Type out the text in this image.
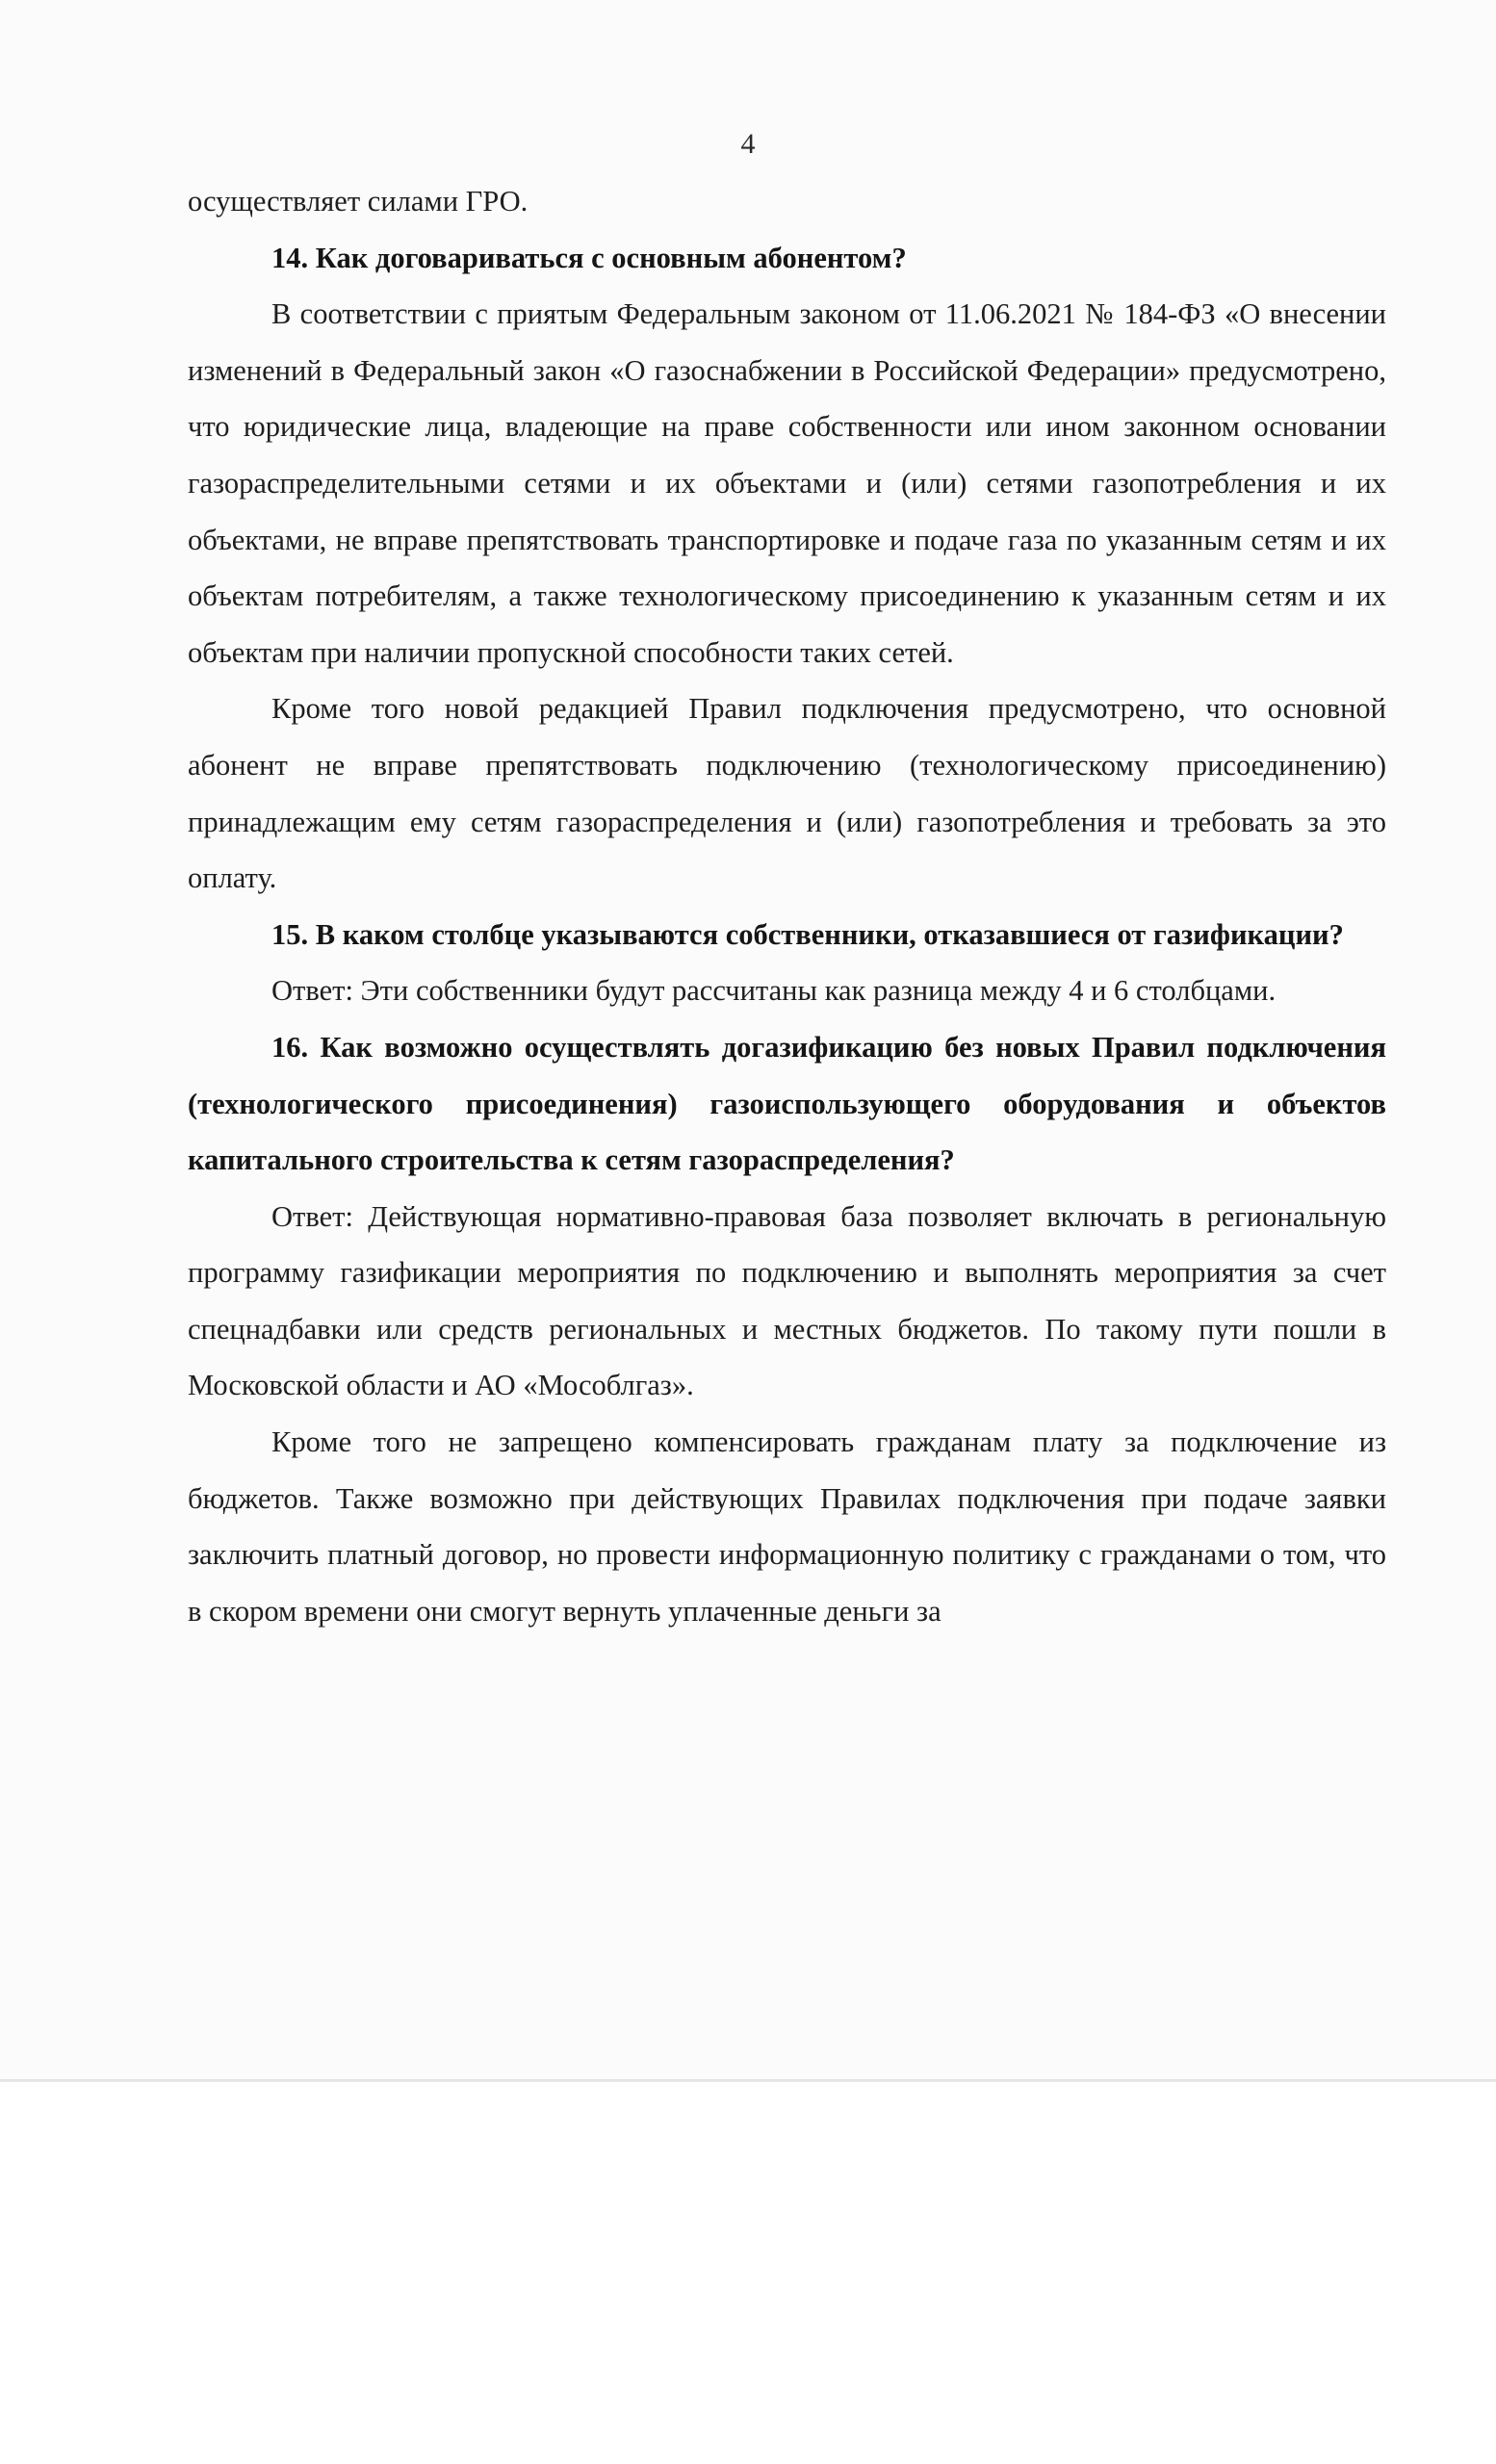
4

осуществляет силами ГРО.

14. Как договариваться с основным абонентом?

В соответствии с приятым Федеральным законом от 11.06.2021 № 184-ФЗ «О внесении изменений в Федеральный закон «О газоснабжении в Российской Федерации» предусмотрено, что юридические лица, владеющие на праве собственности или ином законном основании газораспределительными сетями и их объектами и (или) сетями газопотребления и их объектами, не вправе препятствовать транспортировке и подаче газа по указанным сетям и их объектам потребителям, а также технологическому присоединению к указанным сетям и их объектам при наличии пропускной способности таких сетей.

Кроме того новой редакцией Правил подключения предусмотрено, что основной абонент не вправе препятствовать подключению (технологическому присоединению) принадлежащим ему сетям газораспределения и (или) газопотребления и требовать за это оплату.

15. В каком столбце указываются собственники, отказавшиеся от газификации?

Ответ: Эти собственники будут рассчитаны как разница между 4 и 6 столбцами.

16. Как возможно осуществлять догазификацию без новых Правил подключения (технологического присоединения) газоиспользующего оборудования и объектов капитального строительства к сетям газораспределения?

Ответ: Действующая нормативно-правовая база позволяет включать в региональную программу газификации мероприятия по подключению и выполнять мероприятия за счет спецнадбавки или средств региональных и местных бюджетов. По такому пути пошли в Московской области и АО «Мособлгаз».

Кроме того не запрещено компенсировать гражданам плату за подключение из бюджетов. Также возможно при действующих Правилах подключения при подаче заявки заключить платный договор, но провести информационную политику с гражданами о том, что в скором времени они смогут вернуть уплаченные деньги за
